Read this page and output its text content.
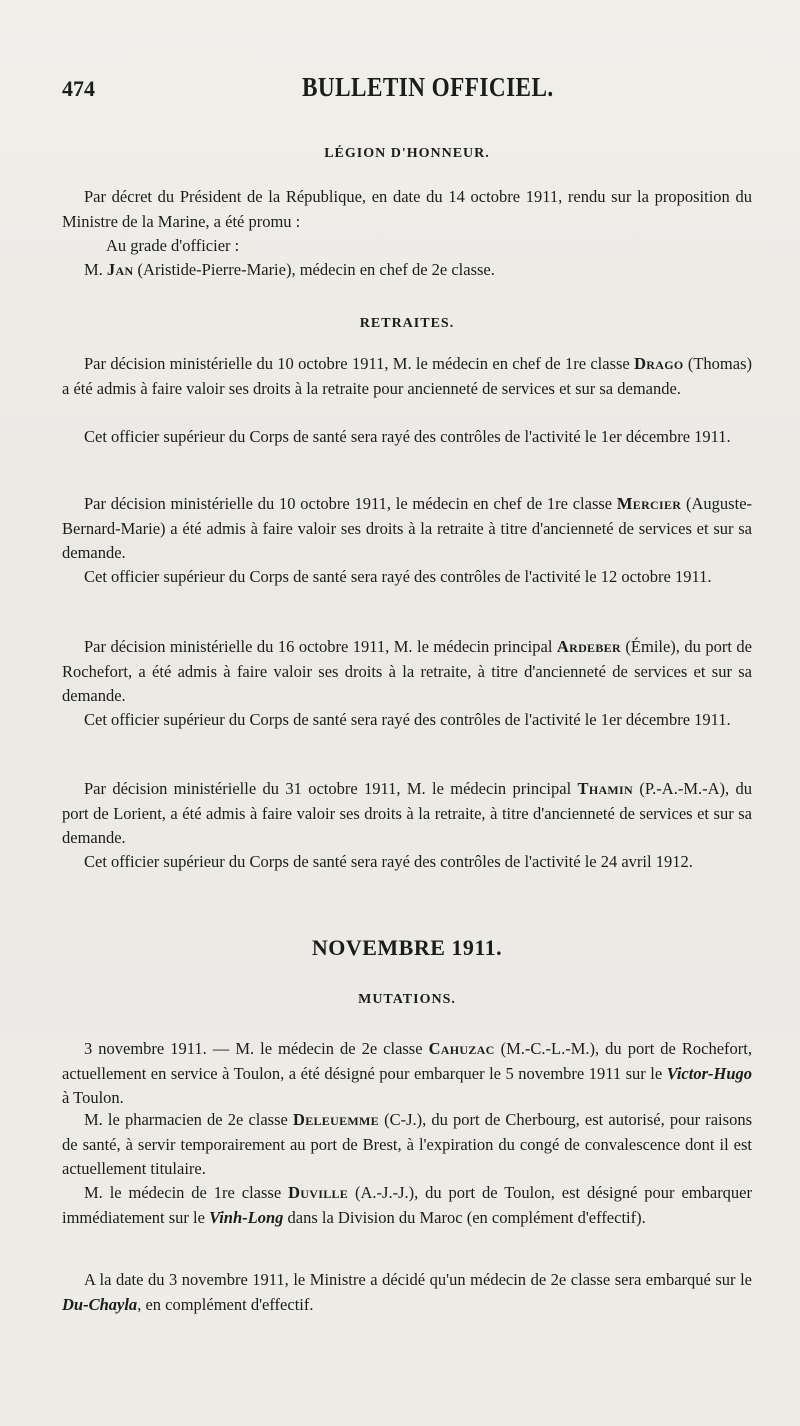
474	BULLETIN OFFICIEL.
LÉGION D'HONNEUR.

Par décret du Président de la République, en date du 14 octobre 1911, rendu sur la proposition du Ministre de la Marine, a été promu :

Au grade d'officier :

M. Jan (Aristide-Pierre-Marie), médecin en chef de 2e classe.

RETRAITES.

Par décision ministérielle du 10 octobre 1911, M. le médecin en chef de 1re classe Drago (Thomas) a été admis à faire valoir ses droits à la retraite pour ancienneté de services et sur sa demande.

Cet officier supérieur du Corps de santé sera rayé des contrôles de l'activité le 1er décembre 1911.

Par décision ministérielle du 10 octobre 1911, le médecin en chef de 1re classe Mercier (Auguste-Bernard-Marie) a été admis à faire valoir ses droits à la retraite à titre d'ancienneté de services et sur sa demande.

Cet officier supérieur du Corps de santé sera rayé des contrôles de l'activité le 12 octobre 1911.

Par décision ministérielle du 16 octobre 1911, M. le médecin principal Ardeber (Émile), du port de Rochefort, a été admis à faire valoir ses droits à la retraite, à titre d'ancienneté de services et sur sa demande.

Cet officier supérieur du Corps de santé sera rayé des contrôles de l'activité le 1er décembre 1911.

Par décision ministérielle du 31 octobre 1911, M. le médecin principal Thamin (P.-A.-M.-A), du port de Lorient, a été admis à faire valoir ses droits à la retraite, à titre d'ancienneté de services et sur sa demande.

Cet officier supérieur du Corps de santé sera rayé des contrôles de l'activité le 24 avril 1912.

NOVEMBRE 1911.
MUTATIONS.

3 novembre 1911. — M. le médecin de 2e classe Cahuzac (M.-C.-L.-M.), du port de Rochefort, actuellement en service à Toulon, a été désigné pour embarquer le 5 novembre 1911 sur le Victor-Hugo à Toulon.

M. le pharmacien de 2e classe Deleuemme (C-J.), du port de Cherbourg, est autorisé, pour raisons de santé, à servir temporairement au port de Brest, à l'expiration du congé de convalescence dont il est actuellement titulaire.

M. le médecin de 1re classe Duville (A.-J.-J.), du port de Toulon, est désigné pour embarquer immédiatement sur le Vinh-Long dans la Division du Maroc (en complément d'effectif).

A la date du 3 novembre 1911, le Ministre a décidé qu'un médecin de 2e classe sera embarqué sur le Du-Chayla, en complément d'effectif.
